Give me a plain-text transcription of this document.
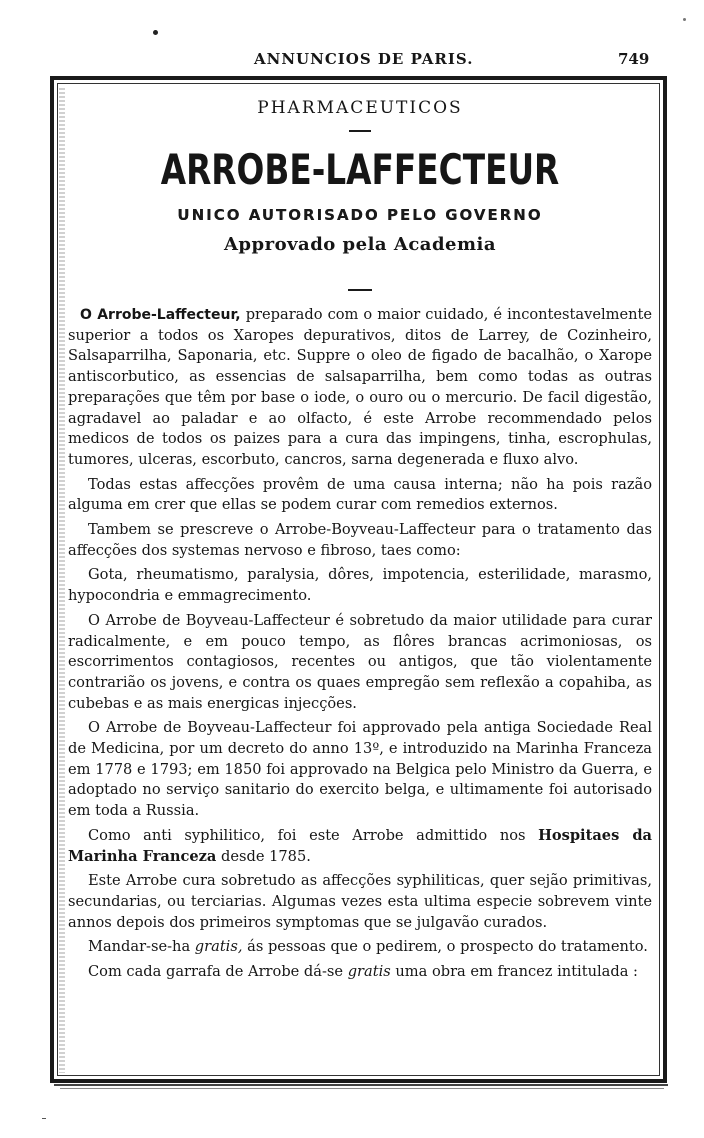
ANNUNCIOS DE PARIS.	749
PHARMACEUTICOS
ARROBE-LAFFECTEUR
UNICO AUTORISADO PELO GOVERNO
Approvado pela Academia

O Arrobe-Laffecteur, preparado com o maior cuidado, é incontestavelmente superior a todos os Xaropes depurativos, ditos de Larrey, de Cozinheiro, Salsaparrilha, Saponaria, etc. Suppre o oleo de figado de bacalhão, o Xarope antiscorbutico, as essencias de salsaparrilha, bem como todas as outras preparações que têm por base o iode, o ouro ou o mercurio. De facil digestão, agradavel ao paladar e ao olfacto, é este Arrobe recommendado pelos medicos de todos os paizes para a cura das impingens, tinha, escrophulas, tumores, ulceras, escorbuto, cancros, sarna degenerada e fluxo alvo.

Todas estas affecções provêm de uma causa interna; não ha pois razão alguma em crer que ellas se podem curar com remedios externos.

Tambem se prescreve o Arrobe-Boyveau-Laffecteur para o tratamento das affecções dos systemas nervoso e fibroso, taes como:

Gota, rheumatismo, paralysia, dôres, impotencia, esterilidade, marasmo, hypocondria e emmagrecimento.

O Arrobe de Boyveau-Laffecteur é sobretudo da maior utilidade para curar radicalmente, e em pouco tempo, as flôres brancas acrimoniosas, os escorrimentos contagiosos, recentes ou antigos, que tão violentamente contrarião os jovens, e contra os quaes empregão sem reflexão a copahiba, as cubebas e as mais energicas injecções.

O Arrobe de Boyveau-Laffecteur foi approvado pela antiga Sociedade Real de Medicina, por um decreto do anno 13º, e introduzido na Marinha Franceza em 1778 e 1793; em 1850 foi approvado na Belgica pelo Ministro da Guerra, e adoptado no serviço sanitario do exercito belga, e ultimamente foi autorisado em toda a Russia.

Como anti syphilitico, foi este Arrobe admittido nos Hospitaes da Marinha Franceza desde 1785.

Este Arrobe cura sobretudo as affecções syphiliticas, quer sejão primitivas, secundarias, ou terciarias. Algumas vezes esta ultima especie sobrevem vinte annos depois dos primeiros symptomas que se julgavão curados.

Mandar-se-ha gratis, ás pessoas que o pedirem, o prospecto do tratamento.

Com cada garrafa de Arrobe dá-se gratis uma obra em francez intitulada :
